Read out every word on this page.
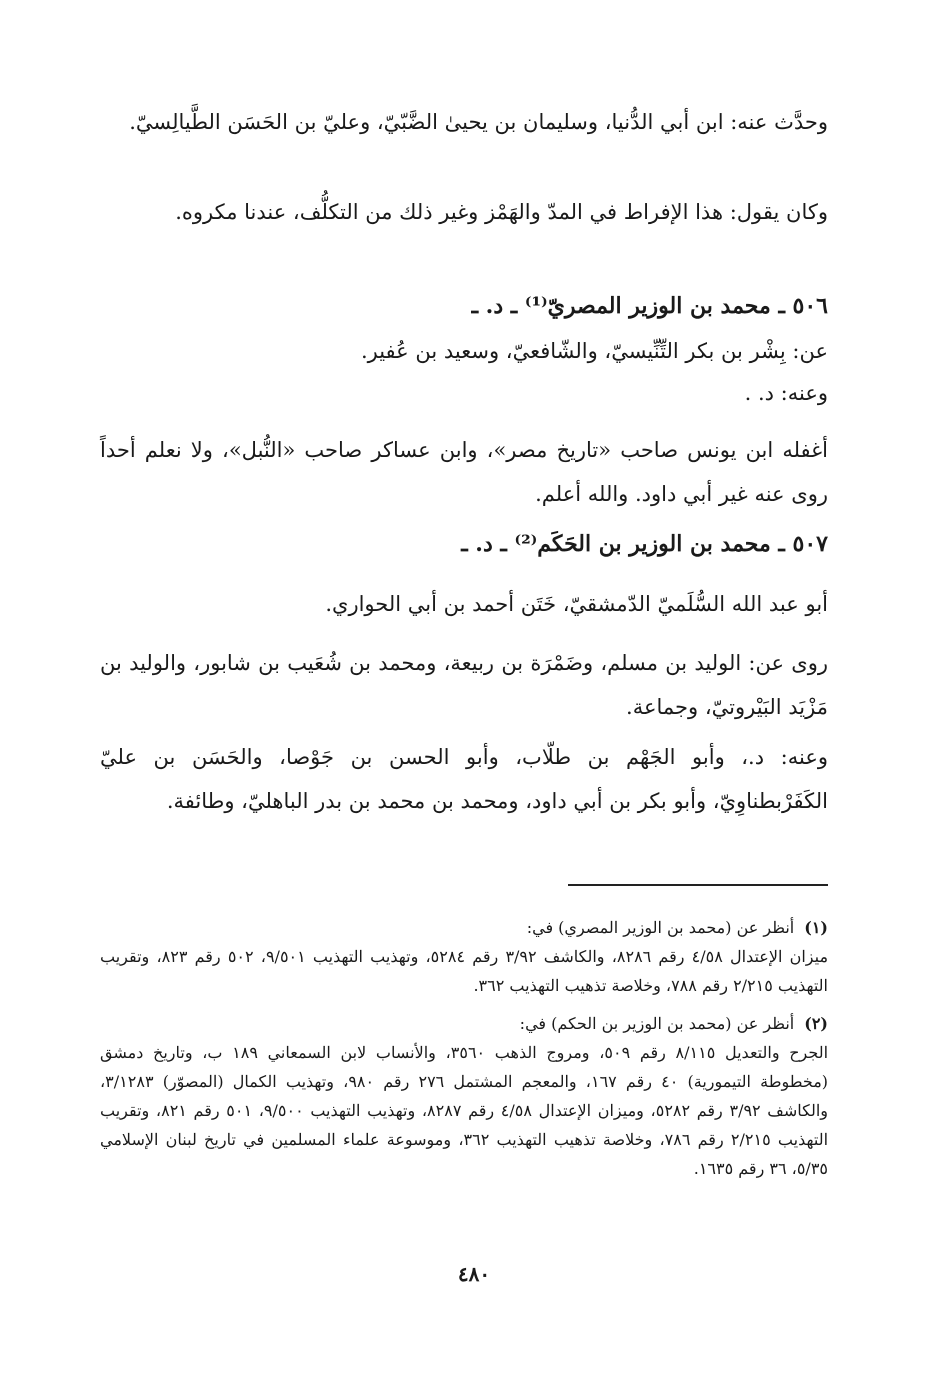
وحدَّث عنه: ابن أبي الدُّنيا، وسليمان بن يحيىٰ الضَّبّيّ، وعليّ بن الحَسَن الطَّيالِسيّ.
وكان يقول: هذا الإفراط في المدّ والهَمْز وغير ذلك من التكلُّف، عندنا مكروه.
٥٠٦ ـ محمد بن الوزير المصريّ⁽¹⁾ ـ د. ـ
عن: بِشْر بن بكر التِّنِّيسيّ، والشّافعيّ، وسعيد بن عُفير.
وعنه: د. .
أغفله ابن يونس صاحب «تاريخ مصر»، وابن عساكر صاحب «النُّبل»، ولا نعلم أحداً روى عنه غير أبي داود. والله أعلم.
٥٠٧ ـ محمد بن الوزير بن الحَكَم⁽²⁾ ـ د. ـ
أبو عبد الله السُّلَميّ الدّمشقيّ، خَتَن أحمد بن أبي الحواري.
روى عن: الوليد بن مسلم، وضَمْرَة بن ربيعة، ومحمد بن شُعَيب بن شابور، والوليد بن مَزْيَد البَيْروتيّ، وجماعة.
وعنه: د.، وأبو الجَهْم بن طلّاب، وأبو الحسن بن جَوْصا، والحَسَن بن عليّ الكَفَرْبطناوِيّ، وأبو بكر بن أبي داود، ومحمد بن محمد بن بدر الباهليّ، وطائفة.
(١)أنظر عن (محمد بن الوزير المصري) في:
ميزان الإعتدال ٤/٥٨ رقم ٨٢٨٦، والكاشف ٣/٩٢ رقم ٥٢٨٤، وتهذيب التهذيب ٩/٥٠١، ٥٠٢ رقم ٨٢٣، وتقريب التهذيب ٢/٢١٥ رقم ٧٨٨، وخلاصة تذهيب التهذيب ٣٦٢.
(٢)أنظر عن (محمد بن الوزير بن الحكم) في:
الجرح والتعديل ٨/١١٥ رقم ٥٠٩، ومروج الذهب ٣٥٦٠، والأنساب لابن السمعاني ١٨٩ ب، وتاريخ دمشق (مخطوطة التيمورية) ٤٠ رقم ١٦٧، والمعجم المشتمل ٢٧٦ رقم ٩٨٠، وتهذيب الكمال (المصوّر) ٣/١٢٨٣، والكاشف ٣/٩٢ رقم ٥٢٨٢، وميزان الإعتدال ٤/٥٨ رقم ٨٢٨٧، وتهذيب التهذيب ٩/٥٠٠، ٥٠١ رقم ٨٢١، وتقريب التهذيب ٢/٢١٥ رقم ٧٨٦، وخلاصة تذهيب التهذيب ٣٦٢، وموسوعة علماء المسلمين في تاريخ لبنان الإسلامي ٥/٣٥، ٣٦ رقم ١٦٣٥.
٤٨٠
